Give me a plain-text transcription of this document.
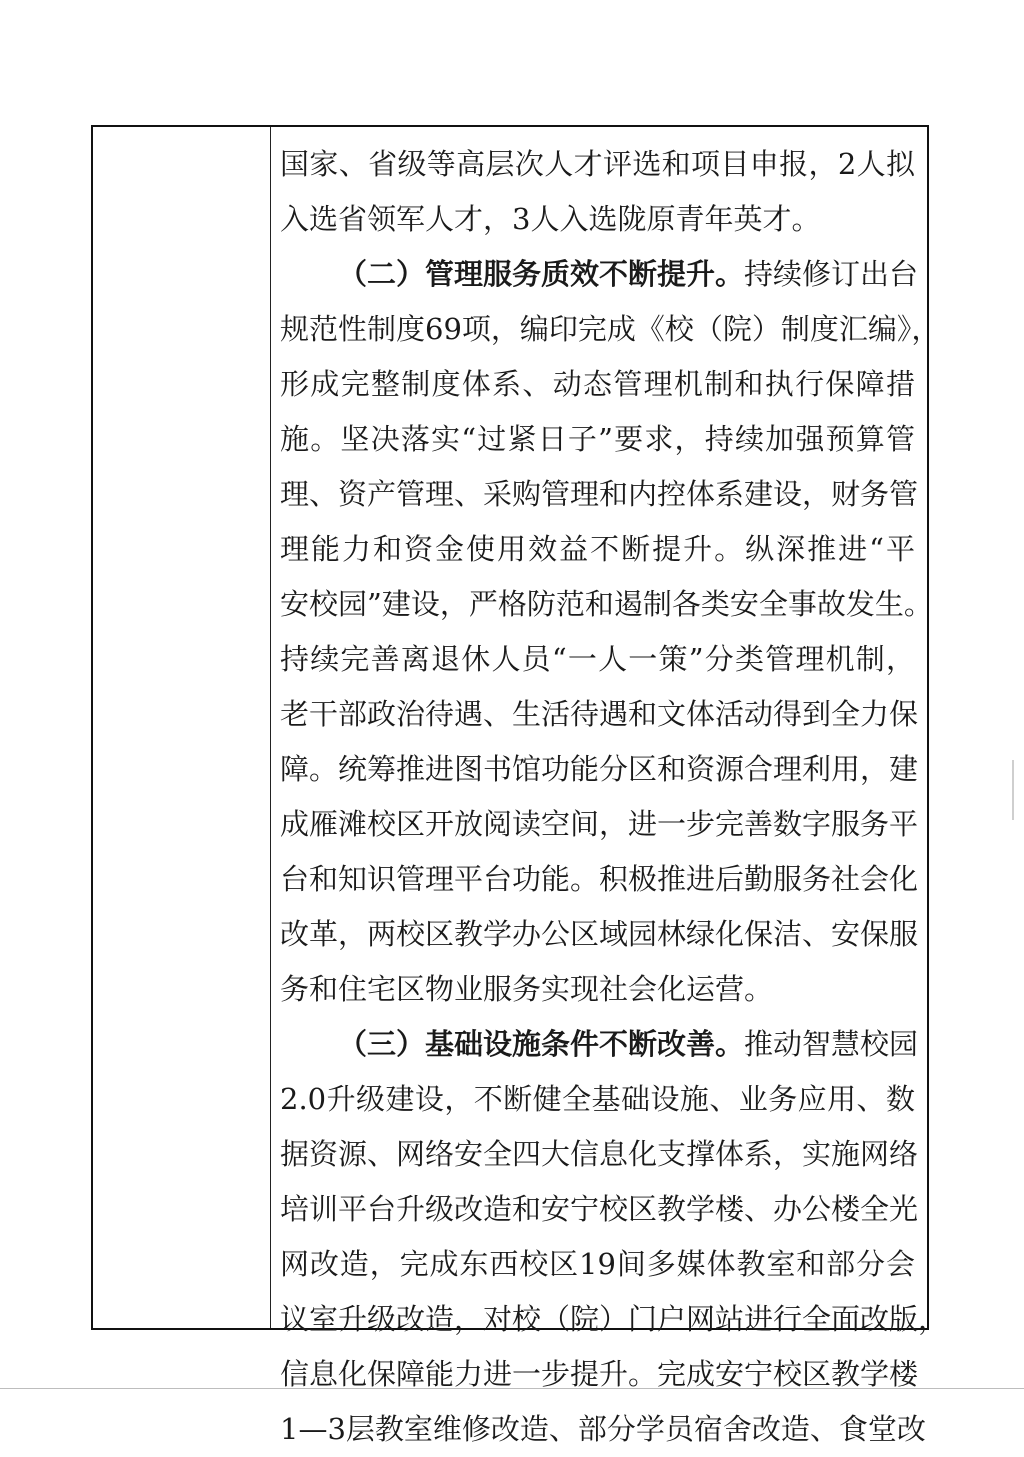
国家、省级等高层次人才评选和项目申报，2人拟
入选省领军人才，3人入选陇原青年英才。
（二）管理服务质效不断提升。持续修订出台
规范性制度69项，编印完成《校（院）制度汇编》，
形成完整制度体系、动态管理机制和执行保障措
施。坚决落实“过紧日子”要求，持续加强预算管
理、资产管理、采购管理和内控体系建设，财务管
理能力和资金使用效益不断提升。纵深推进“平
安校园”建设，严格防范和遏制各类安全事故发生。
持续完善离退休人员“一人一策”分类管理机制，
老干部政治待遇、生活待遇和文体活动得到全力保
障。统筹推进图书馆功能分区和资源合理利用，建
成雁滩校区开放阅读空间，进一步完善数字服务平
台和知识管理平台功能。积极推进后勤服务社会化
改革，两校区教学办公区域园林绿化保洁、安保服
务和住宅区物业服务实现社会化运营。
（三）基础设施条件不断改善。推动智慧校园
2.0升级建设，不断健全基础设施、业务应用、数
据资源、网络安全四大信息化支撑体系，实施网络
培训平台升级改造和安宁校区教学楼、办公楼全光
网改造，完成东西校区19间多媒体教室和部分会
议室升级改造，对校（院）门户网站进行全面改版，
信息化保障能力进一步提升。完成安宁校区教学楼
1—3层教室维修改造、部分学员宿舍改造、食堂改
